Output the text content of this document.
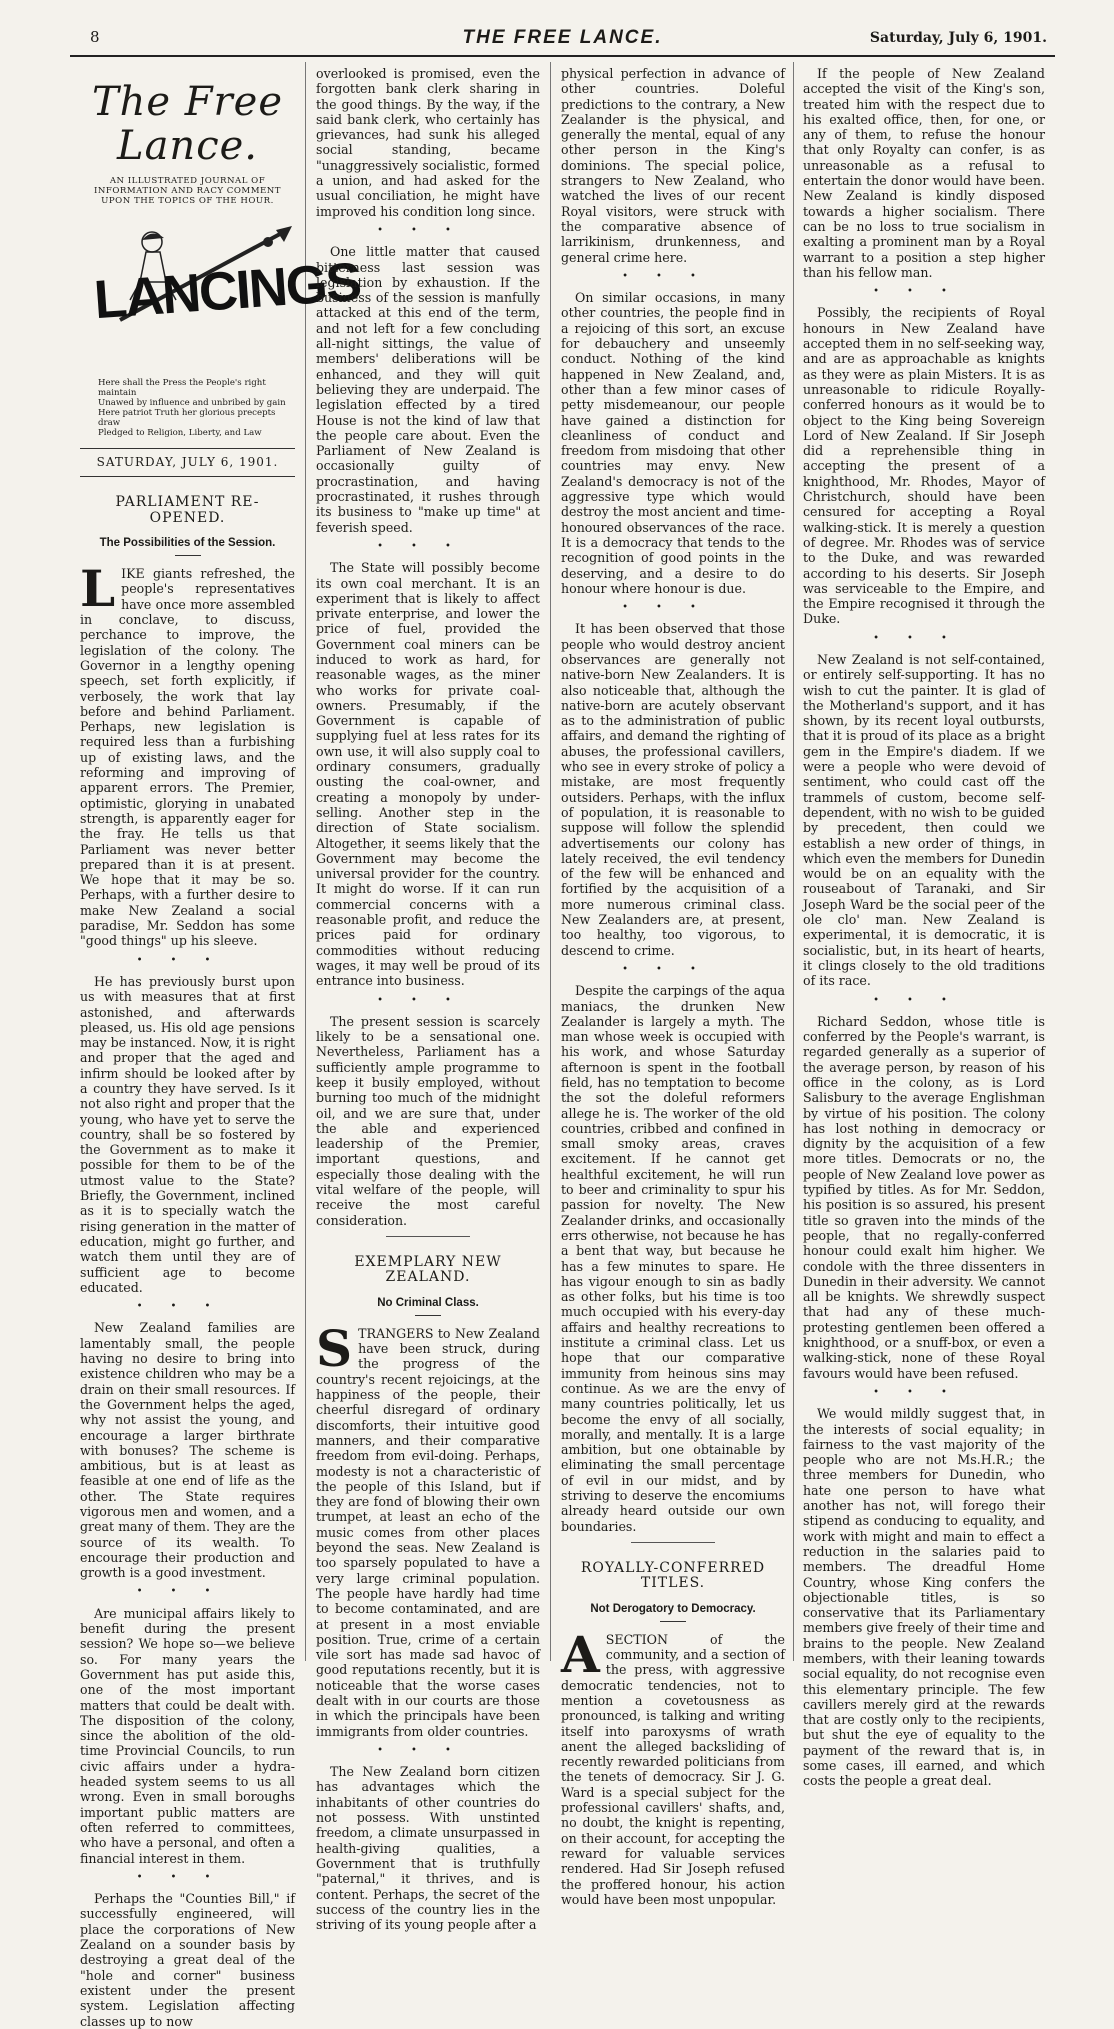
8	THE FREE LANCE.	Saturday, July 6, 1901.
The Free Lance.
AN ILLUSTRATED JOURNAL OF INFORMATION AND RACY COMMENT UPON THE TOPICS OF THE HOUR.
LANCINGS
Here shall the Press the People's right maintain
Unawed by influence and unbribed by gain
Here patriot Truth her glorious precepts draw
Pledged to Religion, Liberty, and Law
SATURDAY, JULY 6, 1901.
PARLIAMENT RE-OPENED.
The Possibilities of the Session.

LIKE giants refreshed, the people's representatives have once more assembled in conclave, to discuss, perchance to improve, the legislation of the colony. The Governor in a lengthy opening speech, set forth explicitly, if verbosely, the work that lay before and behind Parliament. Perhaps, new legislation is required less than a furbishing up of existing laws, and the reforming and improving of apparent errors. The Premier, optimistic, glorying in unabated strength, is apparently eager for the fray. He tells us that Parliament was never better prepared than it is at present. We hope that it may be so. Perhaps, with a further desire to make New Zealand a social paradise, Mr. Seddon has some "good things" up his sleeve.

•••

He has previously burst upon us with measures that at first astonished, and afterwards pleased, us. His old age pensions may be instanced. Now, it is right and proper that the aged and infirm should be looked after by a country they have served. Is it not also right and proper that the young, who have yet to serve the country, shall be so fostered by the Government as to make it possible for them to be of the utmost value to the State? Briefly, the Government, inclined as it is to specially watch the rising generation in the matter of education, might go further, and watch them until they are of sufficient age to become educated.

•••

New Zealand families are lamentably small, the people having no desire to bring into existence children who may be a drain on their small resources. If the Government helps the aged, why not assist the young, and encourage a larger birthrate with bonuses? The scheme is ambitious, but is at least as feasible at one end of life as the other. The State requires vigorous men and women, and a great many of them. They are the source of its wealth. To encourage their production and growth is a good investment.

•••

Are municipal affairs likely to benefit during the present session? We hope so—we believe so. For many years the Government has put aside this, one of the most important matters that could be dealt with. The disposition of the colony, since the abolition of the old-time Provincial Councils, to run civic affairs under a hydra-headed system seems to us all wrong. Even in small boroughs important public matters are often referred to committees, who have a personal, and often a financial interest in them.

•••

Perhaps the "Counties Bill," if successfully engineered, will place the corporations of New Zealand on a sounder basis by destroying a great deal of the "hole and corner" business existent under the present system. Legislation affecting classes up to now

overlooked is promised, even the forgotten bank clerk sharing in the good things. By the way, if the said bank clerk, who certainly has grievances, had sunk his alleged social standing, became "unaggressively socialistic, formed a union, and had asked for the usual conciliation, he might have improved his condition long since.

•••

One little matter that caused bitterness last session was legislation by exhaustion. If the business of the session is manfully attacked at this end of the term, and not left for a few concluding all-night sittings, the value of members' deliberations will be enhanced, and they will quit believing they are underpaid. The legislation effected by a tired House is not the kind of law that the people care about. Even the Parliament of New Zealand is occasionally guilty of procrastination, and having procrastinated, it rushes through its business to "make up time" at feverish speed.

•••

The State will possibly become its own coal merchant. It is an experiment that is likely to affect private enterprise, and lower the price of fuel, provided the Government coal miners can be induced to work as hard, for reasonable wages, as the miner who works for private coal-owners. Presumably, if the Government is capable of supplying fuel at less rates for its own use, it will also supply coal to ordinary consumers, gradually ousting the coal-owner, and creating a monopoly by under-selling. Another step in the direction of State socialism. Altogether, it seems likely that the Government may become the universal provider for the country. It might do worse. If it can run commercial concerns with a reasonable profit, and reduce the prices paid for ordinary commodities without reducing wages, it may well be proud of its entrance into business.

•••

The present session is scarcely likely to be a sensational one. Nevertheless, Parliament has a sufficiently ample programme to keep it busily employed, without burning too much of the midnight oil, and we are sure that, under the able and experienced leadership of the Premier, important questions, and especially those dealing with the vital welfare of the people, will receive the most careful consideration.

EXEMPLARY NEW ZEALAND.
No Criminal Class.

STRANGERS to New Zealand have been struck, during the progress of the country's recent rejoicings, at the happiness of the people, their cheerful disregard of ordinary discomforts, their intuitive good manners, and their comparative freedom from evil-doing. Perhaps, modesty is not a characteristic of the people of this Island, but if they are fond of blowing their own trumpet, at least an echo of the music comes from other places beyond the seas. New Zealand is too sparsely populated to have a very large criminal population. The people have hardly had time to become contaminated, and are at present in a most enviable position. True, crime of a certain vile sort has made sad havoc of good reputations recently, but it is noticeable that the worse cases dealt with in our courts are those in which the principals have been immigrants from older countries.

•••

The New Zealand born citizen has advantages which the inhabitants of other countries do not possess. With unstinted freedom, a climate unsurpassed in health-giving qualities, a Government that is truthfully "paternal," it thrives, and is content. Perhaps, the secret of the success of the country lies in the striving of its young people after a

physical perfection in advance of other countries. Doleful predictions to the contrary, a New Zealander is the physical, and generally the mental, equal of any other person in the King's dominions. The special police, strangers to New Zealand, who watched the lives of our recent Royal visitors, were struck with the comparative absence of larrikinism, drunkenness, and general crime here.

•••

On similar occasions, in many other countries, the people find in a rejoicing of this sort, an excuse for debauchery and unseemly conduct. Nothing of the kind happened in New Zealand, and, other than a few minor cases of petty misdemeanour, our people have gained a distinction for cleanliness of conduct and freedom from misdoing that other countries may envy. New Zealand's democracy is not of the aggressive type which would destroy the most ancient and time-honoured observances of the race. It is a democracy that tends to the recognition of good points in the deserving, and a desire to do honour where honour is due.

•••

It has been observed that those people who would destroy ancient observances are generally not native-born New Zealanders. It is also noticeable that, although the native-born are acutely observant as to the administration of public affairs, and demand the righting of abuses, the professional cavillers, who see in every stroke of policy a mistake, are most frequently outsiders. Perhaps, with the influx of population, it is reasonable to suppose will follow the splendid advertisements our colony has lately received, the evil tendency of the few will be enhanced and fortified by the acquisition of a more numerous criminal class. New Zealanders are, at present, too healthy, too vigorous, to descend to crime.

•••

Despite the carpings of the aqua maniacs, the drunken New Zealander is largely a myth. The man whose week is occupied with his work, and whose Saturday afternoon is spent in the football field, has no temptation to become the sot the doleful reformers allege he is. The worker of the old countries, cribbed and confined in small smoky areas, craves excitement. If he cannot get healthful excitement, he will run to beer and criminality to spur his passion for novelty. The New Zealander drinks, and occasionally errs otherwise, not because he has a bent that way, but because he has a few minutes to spare. He has vigour enough to sin as badly as other folks, but his time is too much occupied with his every-day affairs and healthy recreations to institute a criminal class. Let us hope that our comparative immunity from heinous sins may continue. As we are the envy of many countries politically, let us become the envy of all socially, morally, and mentally. It is a large ambition, but one obtainable by eliminating the small percentage of evil in our midst, and by striving to deserve the encomiums already heard outside our own boundaries.

ROYALLY-CONFERRED TITLES.
Not Derogatory to Democracy.

ASECTION of the community, and a section of the press, with aggressive democratic tendencies, not to mention a covetousness as pronounced, is talking and writing itself into paroxysms of wrath anent the alleged backsliding of recently rewarded politicians from the tenets of democracy. Sir J. G. Ward is a special subject for the professional cavillers' shafts, and, no doubt, the knight is repenting, on their account, for accepting the reward for valuable services rendered. Had Sir Joseph refused the proffered honour, his action would have been most unpopular.

If the people of New Zealand accepted the visit of the King's son, treated him with the respect due to his exalted office, then, for one, or any of them, to refuse the honour that only Royalty can confer, is as unreasonable as a refusal to entertain the donor would have been. New Zealand is kindly disposed towards a higher socialism. There can be no loss to true socialism in exalting a prominent man by a Royal warrant to a position a step higher than his fellow man.

•••

Possibly, the recipients of Royal honours in New Zealand have accepted them in no self-seeking way, and are as approachable as knights as they were as plain Misters. It is as unreasonable to ridicule Royally-conferred honours as it would be to object to the King being Sovereign Lord of New Zealand. If Sir Joseph did a reprehensible thing in accepting the present of a knighthood, Mr. Rhodes, Mayor of Christchurch, should have been censured for accepting a Royal walking-stick. It is merely a question of degree. Mr. Rhodes was of service to the Duke, and was rewarded according to his deserts. Sir Joseph was serviceable to the Empire, and the Empire recognised it through the Duke.

•••

New Zealand is not self-contained, or entirely self-supporting. It has no wish to cut the painter. It is glad of the Motherland's support, and it has shown, by its recent loyal outbursts, that it is proud of its place as a bright gem in the Empire's diadem. If we were a people who were devoid of sentiment, who could cast off the trammels of custom, become self-dependent, with no wish to be guided by precedent, then could we establish a new order of things, in which even the members for Dunedin would be on an equality with the rouseabout of Taranaki, and Sir Joseph Ward be the social peer of the ole clo' man. New Zealand is experimental, it is democratic, it is socialistic, but, in its heart of hearts, it clings closely to the old traditions of its race.

•••

Richard Seddon, whose title is conferred by the People's warrant, is regarded generally as a superior of the average person, by reason of his office in the colony, as is Lord Salisbury to the average Englishman by virtue of his position. The colony has lost nothing in democracy or dignity by the acquisition of a few more titles. Democrats or no, the people of New Zealand love power as typified by titles. As for Mr. Seddon, his position is so assured, his present title so graven into the minds of the people, that no regally-conferred honour could exalt him higher. We condole with the three dissenters in Dunedin in their adversity. We cannot all be knights. We shrewdly suspect that had any of these much-protesting gentlemen been offered a knighthood, or a snuff-box, or even a walking-stick, none of these Royal favours would have been refused.

•••

We would mildly suggest that, in the interests of social equality; in fairness to the vast majority of the people who are not Ms.H.R.; the three members for Dunedin, who hate one person to have what another has not, will forego their stipend as conducing to equality, and work with might and main to effect a reduction in the salaries paid to members. The dreadful Home Country, whose King confers the objectionable titles, is so conservative that its Parliamentary members give freely of their time and brains to the people. New Zealand members, with their leaning towards social equality, do not recognise even this elementary principle. The few cavillers merely gird at the rewards that are costly only to the recipients, but shut the eye of equality to the payment of the reward that is, in some cases, ill earned, and which costs the people a great deal.
